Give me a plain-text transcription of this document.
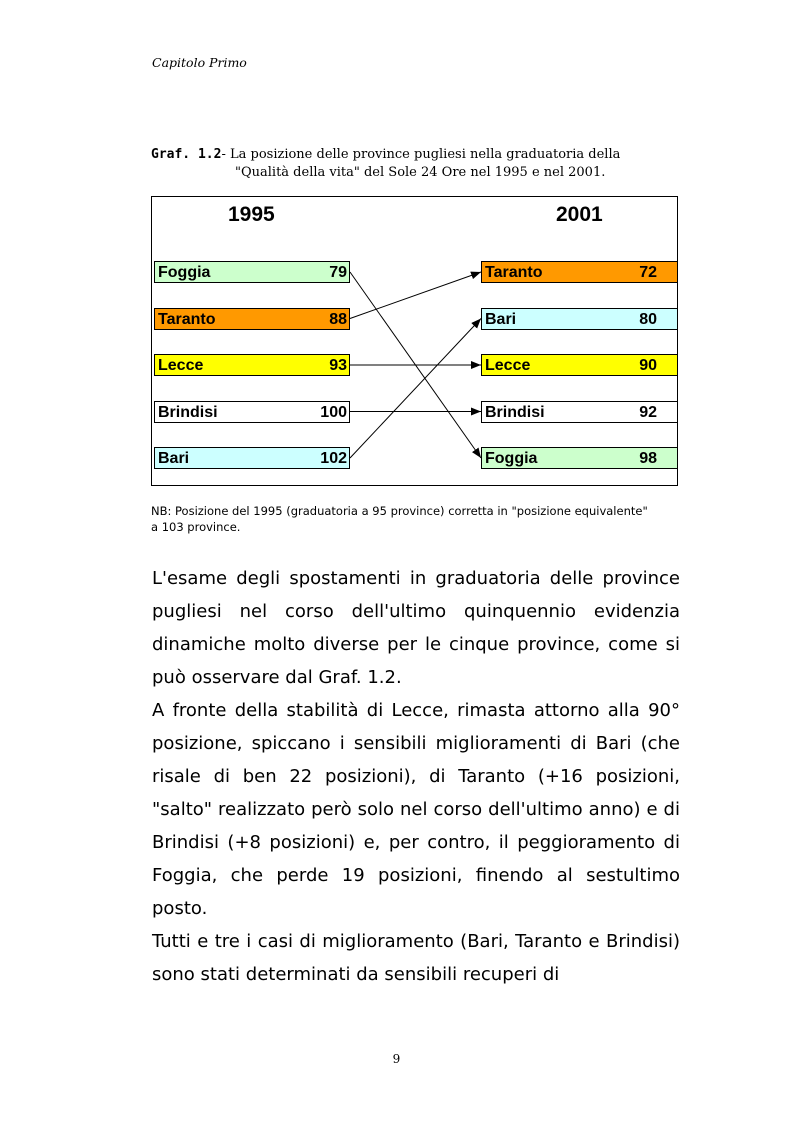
Capitolo Primo
Graf. 1.2- La posizione delle province pugliesi nella graduatoria della
"Qualità della vita" del Sole 24 Ore nel 1995 e nel 2001.
1995	2001
Foggia	79
Taranto	88
Lecce	93
Brindisi	100
Bari	102
Taranto	72
Bari	80
Lecce	90
Brindisi	92
Foggia	98
NB: Posizione del 1995 (graduatoria a 95 province) corretta in "posizione equivalente" a 103 province.

L'esame degli spostamenti in graduatoria delle province pugliesi nel corso dell'ultimo quinquennio evidenzia dinamiche molto diverse per le cinque province, come si può osservare dal Graf. 1.2.

A fronte della stabilità di Lecce, rimasta attorno alla 90° posizione, spiccano i sensibili miglioramenti di Bari (che risale di ben 22 posizioni), di Taranto (+16 posizioni, "salto" realizzato però solo nel corso dell'ultimo anno) e di Brindisi (+8 posizioni) e, per contro, il peggioramento di Foggia, che perde 19 posizioni, finendo al sestultimo posto.

Tutti e tre i casi di miglioramento (Bari, Taranto e Brindisi) sono stati determinati da sensibili recuperi di

9
